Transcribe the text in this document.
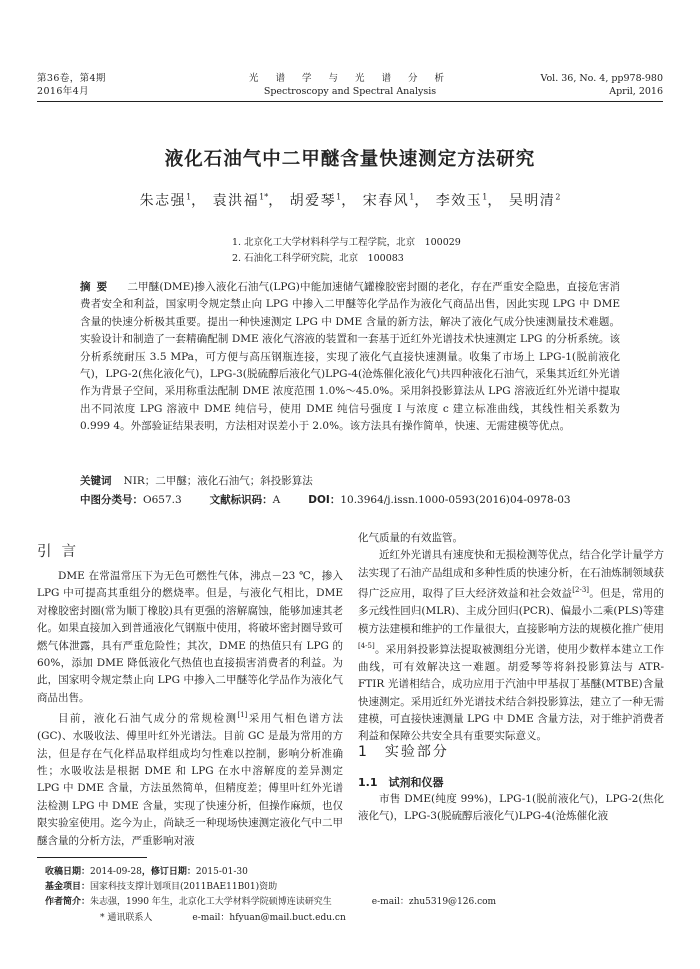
第36卷，第4期
2016年4月
光 谱 学 与 光 谱 分 析
Spectroscopy and Spectral Analysis
Vol. 36, No. 4, pp978-980
April, 2016
液化石油气中二甲醚含量快速测定方法研究
朱志强$^1$， 袁洪福$^{1*}$， 胡爱琴$^1$， 宋春风$^1$， 李效玉$^1$， 吴明清$^2$
1. 北京化工大学材料科学与工程学院，北京　100029
2. 石油化工科学研究院，北京　100083
摘要 二甲醚(DME)掺入液化石油气(LPG)中能加速储气罐橡胶密封圈的老化，存在严重安全隐患，直接危害消费者安全和利益，国家明令规定禁止向 LPG 中掺入二甲醚等化学品作为液化气商品出售，因此实现 LPG 中 DME 含量的快速分析极其重要。提出一种快速测定 LPG 中 DME 含量的新方法，解决了液化气成分快速测量技术难题。实验设计和制造了一套精确配制 DME 液化气溶液的装置和一套基于近红外光谱技术快速测定 LPG 的分析系统。该分析系统耐压 3.5 MPa，可方便与高压钢瓶连接，实现了液化气直接快速测量。收集了市场上 LPG-1(脱前液化气)，LPG-2(焦化液化气)，LPG-3(脱硫醇后液化气)LPG-4(沧炼催化液化气)共四种液化石油气，采集其近红外光谱作为背景子空间，采用称重法配制 DME 浓度范围 1.0%～45.0%。采用斜投影算法从 LPG 溶液近红外光谱中提取出不同浓度 LPG 溶液中 DME 纯信号，使用 DME 纯信号强度 I 与浓度 c 建立标准曲线，其线性相关系数为 0.999 4。外部验证结果表明，方法相对误差小于 2.0%。该方法具有操作简单，快速、无需建模等优点。
关键词 NIR；二甲醚；液化石油气；斜投影算法
中图分类号：O657.3	文献标识码：A	DOI：10.3964/j.issn.1000-0593(2016)04-0978-03
引言

DME 在常温常压下为无色可燃性气体，沸点－23 ℃，掺入 LPG 中可提高其重组分的燃烧率。但是，与液化气相比，DME 对橡胶密封圈(常为顺丁橡胶)具有更强的溶解腐蚀，能够加速其老化。如果直接加入到普通液化气钢瓶中使用，将破坏密封圈导致可燃气体泄露，具有严重危险性；其次，DME 的热值只有 LPG 的 60%，添加 DME 降低液化气热值也直接损害消费者的利益。为此，国家明令规定禁止向 LPG 中掺入二甲醚等化学品作为液化气商品出售。

目前，液化石油气成分的常规检测[1]采用气相色谱方法(GC)、水吸收法、傅里叶红外光谱法。目前 GC 是最为常用的方法，但是存在气化样品取样组成均匀性难以控制，影响分析准确性；水吸收法是根据 DME 和 LPG 在水中溶解度的差异测定 LPG 中 DME 含量，方法虽然简单，但精度差；傅里叶红外光谱法检测 LPG 中 DME 含量，实现了快速分析，但操作麻烦，也仅限实验室使用。迄今为止，尚缺乏一种现场快速测定液化气中二甲醚含量的分析方法，严重影响对液

化气质量的有效监管。

近红外光谱具有速度快和无损检测等优点，结合化学计量学方法实现了石油产品组成和多种性质的快速分析，在石油炼制领域获得广泛应用，取得了巨大经济效益和社会效益[2-3]。但是，常用的多元线性回归(MLR)、主成分回归(PCR)、偏最小二乘(PLS)等建模方法建模和维护的工作量很大，直接影响方法的规模化推广使用[4-5]。采用斜投影算法提取被测组分光谱，使用少数样本建立工作曲线，可有效解决这一难题。胡爱琴等将斜投影算法与 ATR-FTIR 光谱相结合，成功应用于汽油中甲基叔丁基醚(MTBE)含量快速测定。采用近红外光谱技术结合斜投影算法，建立了一种无需建模，可直接快速测量 LPG 中 DME 含量方法，对于维护消费者利益和保障公共安全具有重要实际意义。

1　实验部分
1.1　试剂和仪器

市售 DME(纯度 99%)，LPG-1(脱前液化气)，LPG-2(焦化液化气)，LPG-3(脱硫醇后液化气)LPG-4(沧炼催化液

收稿日期：2014-09-28，修订日期：2015-01-30
基金项目：国家科技支撑计划项目(2011BAE11B01)资助
作者简介：朱志强，1990 年生，北京化工大学材料学院硕博连读研究生	e-mail：zhu5319@126.com
* 通讯联系人	e-mail：hfyuan@mail.buct.edu.cn
